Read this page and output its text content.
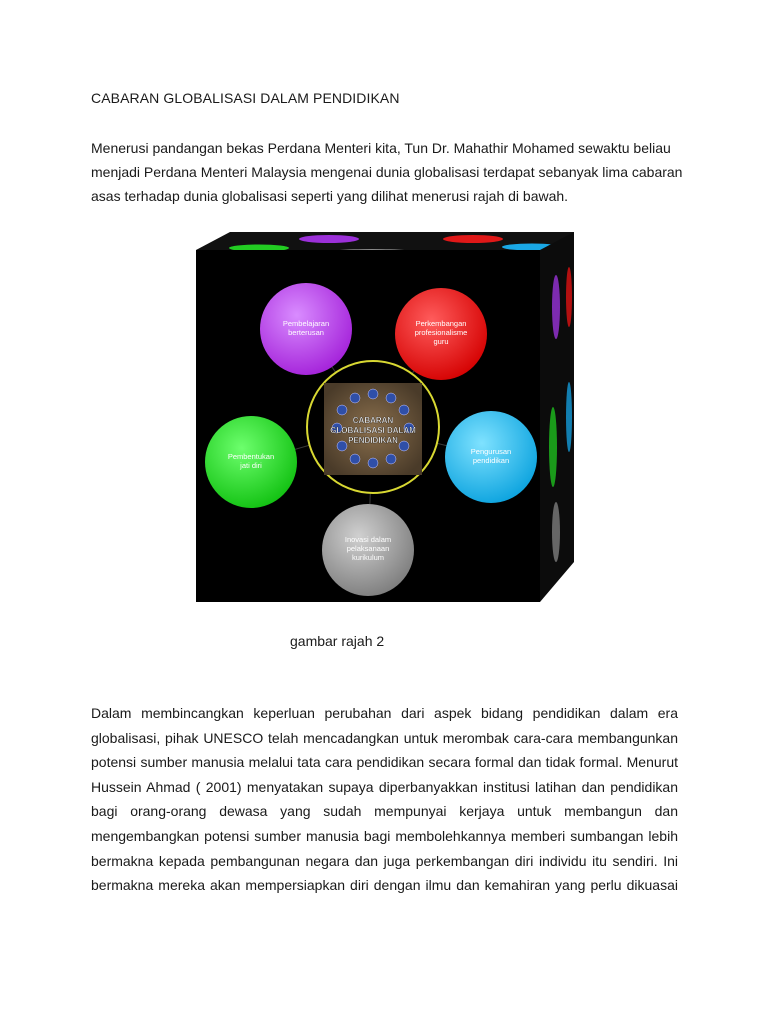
CABARAN GLOBALISASI DALAM PENDIDIKAN

Menerusi pandangan bekas Perdana Menteri kita, Tun Dr. Mahathir Mohamed sewaktu beliau

menjadi Perdana Menteri Malaysia mengenai dunia globalisasi terdapat sebanyak lima cabaran

asas terhadap dunia globalisasi seperti yang dilihat menerusi rajah di bawah.

CABARAN
GLOBALISASI DALAM
PENDIDIKAN
Pembelajaran
berterusan
Perkembangan
profesionalisme
guru
Pembentukan
jati diri
Pengurusan
pendidikan
Inovasi dalam
pelaksanaan
kurikulum
gambar rajah 2

Dalam membincangkan keperluan perubahan dari aspek bidang pendidikan dalam era

globalisasi, pihak UNESCO telah mencadangkan untuk merombak cara-cara membangunkan

potensi sumber manusia melalui tata cara pendidikan secara formal dan tidak formal. Menurut

Hussein Ahmad ( 2001) menyatakan supaya diperbanyakkan institusi latihan dan pendidikan

bagi orang-orang dewasa yang sudah mempunyai kerjaya untuk membangun dan

mengembangkan potensi sumber manusia bagi membolehkannya memberi sumbangan lebih

bermakna kepada pembangunan negara dan juga perkembangan diri individu itu sendiri. Ini

bermakna mereka akan mempersiapkan diri dengan ilmu dan kemahiran yang perlu dikuasai
